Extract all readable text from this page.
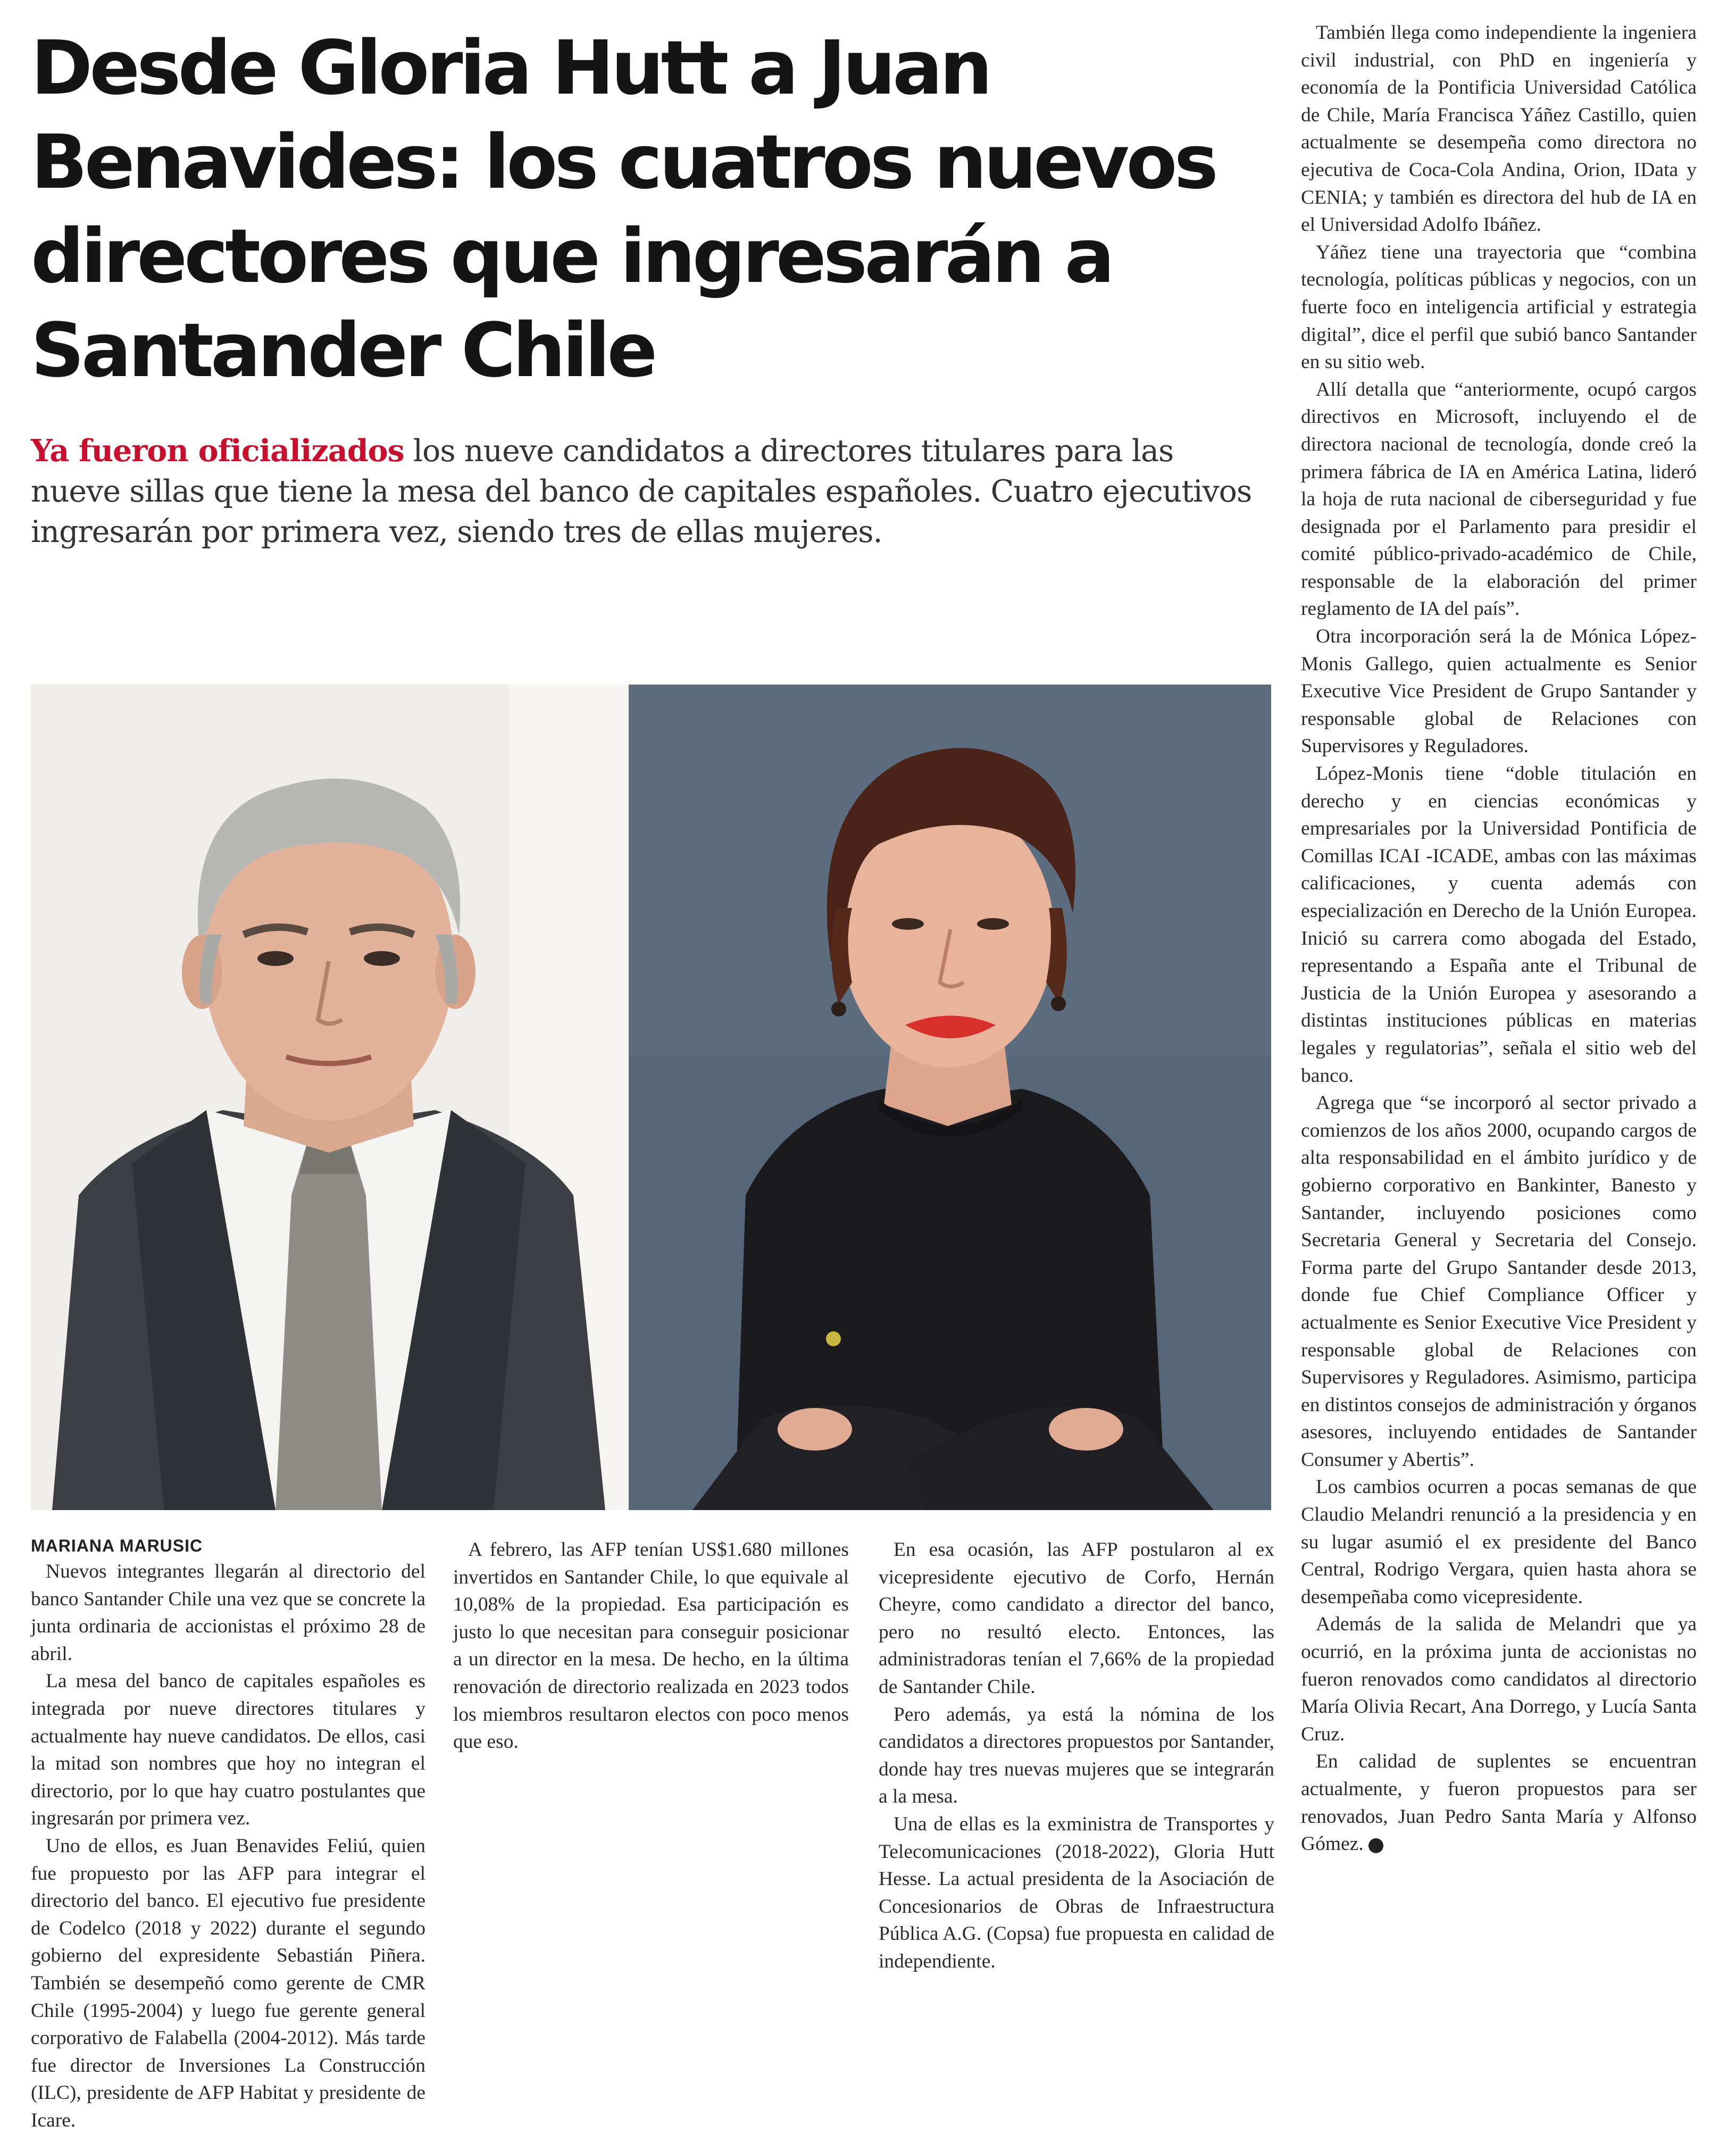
Desde Gloria Hutt a Juan Benavides: los cuatros nuevos directores que ingresarán a Santander Chile

Ya fueron oficializados los nueve candidatos a directores titulares para las nueve sillas que tiene la mesa del banco de capitales españoles. Cuatro ejecutivos ingresarán por primera vez, siendo tres de ellas mujeres.

MARIANA MARUSIC

Nuevos integrantes llegarán al directorio del banco Santander Chile una vez que se concrete la junta ordinaria de accionistas el próximo 28 de abril.

La mesa del banco de capitales españoles es integrada por nueve directores titulares y actualmente hay nueve candidatos. De ellos, casi la mitad son nombres que hoy no integran el directorio, por lo que hay cuatro postulantes que ingresarán por primera vez.

Uno de ellos, es Juan Benavides Feliú, quien fue propuesto por las AFP para integrar el directorio del banco. El ejecutivo fue presidente de Codelco (2018 y 2022) durante el segundo gobierno del expresidente Sebastián Piñera. También se desempeñó como gerente de CMR Chile (1995-2004) y luego fue gerente general corporativo de Falabella (2004-2012). Más tarde fue director de Inversiones La Construcción (ILC), presidente de AFP Habitat y presidente de Icare.

A febrero, las AFP tenían US$1.680 millones invertidos en Santander Chile, lo que equivale al 10,08% de la propiedad. Esa participación es justo lo que necesitan para conseguir posicionar a un director en la mesa. De hecho, en la última renovación de directorio realizada en 2023 todos los miembros resultaron electos con poco menos que eso.

En esa ocasión, las AFP postularon al ex vicepresidente ejecutivo de Corfo, Hernán Cheyre, como candidato a director del banco, pero no resultó electo. Entonces, las administradoras tenían el 7,66% de la propiedad de Santander Chile.

Pero además, ya está la nómina de los candidatos a directores propuestos por Santander, donde hay tres nuevas mujeres que se integrarán a la mesa.

Una de ellas es la exministra de Transportes y Telecomunicaciones (2018-2022), Gloria Hutt Hesse. La actual presidenta de la Asociación de Concesionarios de Obras de Infraestructura Pública A.G. (Copsa) fue propuesta en calidad de independiente.

También llega como independiente la ingeniera civil industrial, con PhD en ingeniería y economía de la Pontificia Universidad Católica de Chile, María Francisca Yáñez Castillo, quien actualmente se desempeña como directora no ejecutiva de Coca-Cola Andina, Orion, IData y CENIA; y también es directora del hub de IA en el Universidad Adolfo Ibáñez.

Yáñez tiene una trayectoria que “combina tecnología, políticas públicas y negocios, con un fuerte foco en inteligencia artificial y estrategia digital”, dice el perfil que subió banco Santander en su sitio web.

Allí detalla que “anteriormente, ocupó cargos directivos en Microsoft, incluyendo el de directora nacional de tecnología, donde creó la primera fábrica de IA en América Latina, lideró la hoja de ruta nacional de ciberseguridad y fue designada por el Parlamento para presidir el comité público-privado-académico de Chile, responsable de la elaboración del primer reglamento de IA del país”.

Otra incorporación será la de Mónica López-Monis Gallego, quien actualmente es Senior Executive Vice President de Grupo Santander y responsable global de Relaciones con Supervisores y Reguladores.

López-Monis tiene “doble titulación en derecho y en ciencias económicas y empresariales por la Universidad Pontificia de Comillas ICAI -ICADE, ambas con las máximas calificaciones, y cuenta además con especialización en Derecho de la Unión Europea. Inició su carrera como abogada del Estado, representando a España ante el Tribunal de Justicia de la Unión Europea y asesorando a distintas instituciones públicas en materias legales y regulatorias”, señala el sitio web del banco.

Agrega que “se incorporó al sector privado a comienzos de los años 2000, ocupando cargos de alta responsabilidad en el ámbito jurídico y de gobierno corporativo en Bankinter, Banesto y Santander, incluyendo posiciones como Secretaria General y Secretaria del Consejo. Forma parte del Grupo Santander desde 2013, donde fue Chief Compliance Officer y actualmente es Senior Executive Vice President y responsable global de Relaciones con Supervisores y Reguladores. Asimismo, participa en distintos consejos de administración y órganos asesores, incluyendo entidades de Santander Consumer y Abertis”.

Los cambios ocurren a pocas semanas de que Claudio Melandri renunció a la presidencia y en su lugar asumió el ex presidente del Banco Central, Rodrigo Vergara, quien hasta ahora se desempeñaba como vicepresidente.

Además de la salida de Melandri que ya ocurrió, en la próxima junta de accionistas no fueron renovados como candidatos al directorio María Olivia Recart, Ana Dorrego, y Lucía Santa Cruz.

En calidad de suplentes se encuentran actualmente, y fueron propuestos para ser renovados, Juan Pedro Santa María y Alfonso Gómez. P
